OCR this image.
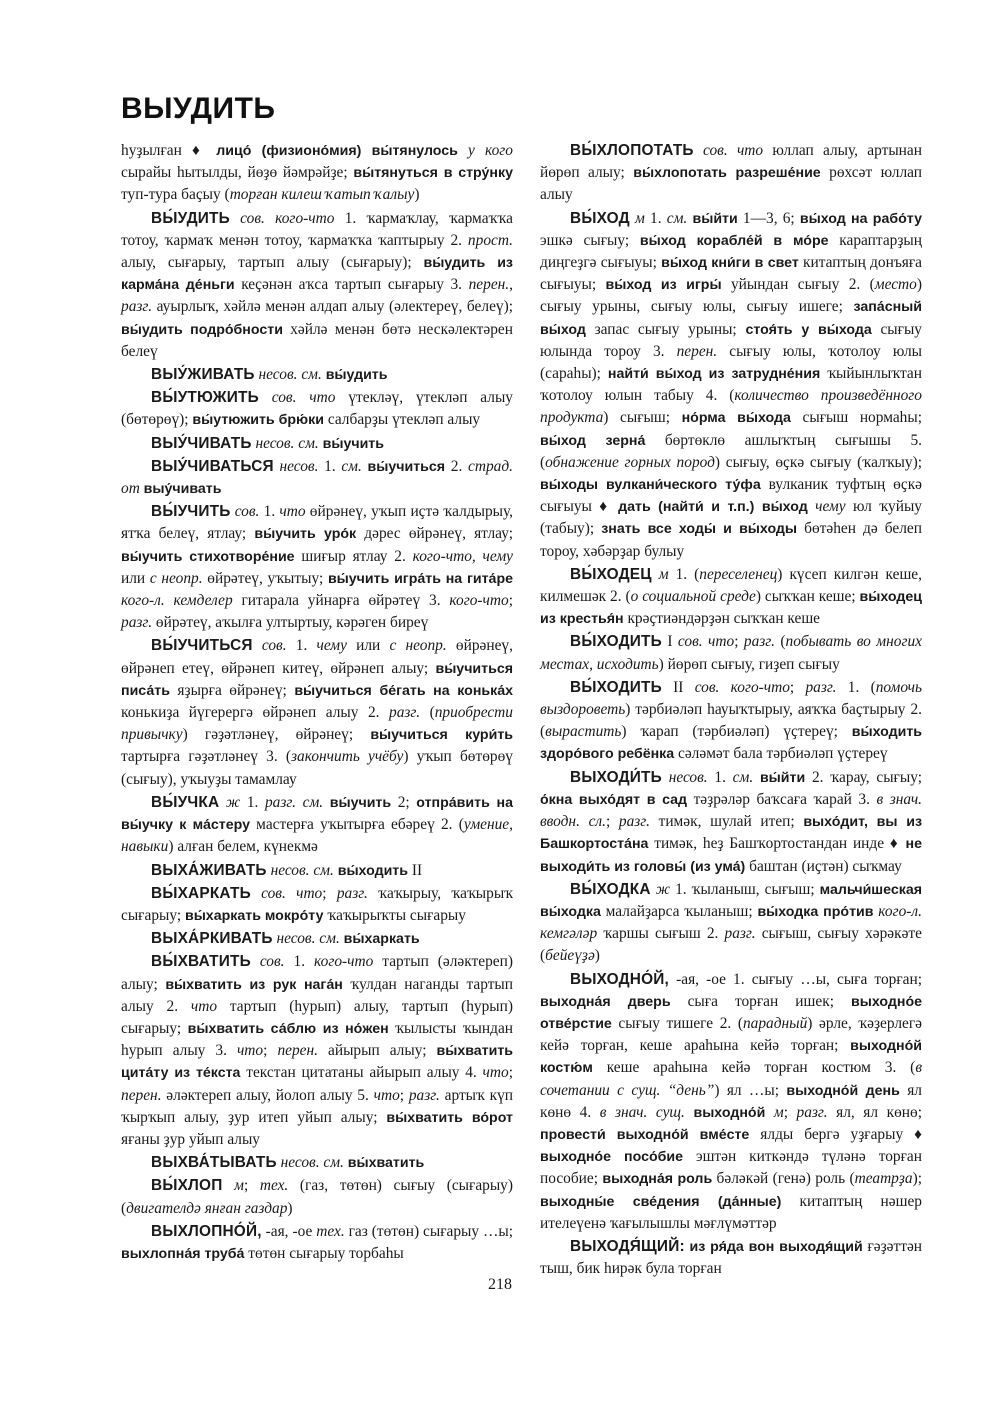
ВЫУДИТЬ

һуҙылған ♦ лицо́ (физионо́мия) вы́тянулось у кого сырайы һытылды, йөҙө йәмрәйҙе; вы́тянуться в стру́нку туп-тура баҫыу (торған килеш ҡатып ҡалыу)

ВЫ́УДИТЬ сов. кого-что 1. ҡармаҡлау, ҡармаҡҡа тотоу, ҡармаҡ менән тотоу, ҡармаҡҡа ҡаптырыу 2. прост. алыу, сығарыу, тартып алыу (сығарыу); вы́удить из карма́на де́ньги кеҫәнән аҡса тартып сығарыу 3. перен., разг. ауырлыҡ, хәйлә менән алдап алыу (әлектереү, белеү); вы́удить подро́бности хәйлә менән бөтә нескәлектәрен белеү

ВЫУ́ЖИВАТЬ несов. см. вы́удить

ВЫ́УТЮЖИТЬ сов. что үтекләү, үтекләп алыу (бөтөрөү); вы́утюжить брю́ки салбарҙы үтекләп алыу

ВЫУ́ЧИВАТЬ несов. см. вы́учить

ВЫУ́ЧИВАТЬСЯ несов. 1. см. вы́учиться 2. страд. от выу́чивать

ВЫ́УЧИТЬ сов. 1. что өйрәнеү, уҡып иҫтә ҡалдырыу, ятҡа белеү, ятлау; вы́учить уро́к дәрес өйрәнеү, ятлау; вы́учить стихотворе́ние шиғыр ятлау 2. кого-что, чему или с неопр. өйрәтеү, уҡытыу; вы́учить игра́ть на гита́ре кого-л. кемделер гитарала уйнарға өйрәтеү 3. кого-что; разг. өйрәтеү, аҡылға ултыртыу, кәрәген биреү

ВЫ́УЧИТЬСЯ сов. 1. чему или с неопр. өйрәнеү, өйрәнеп етеү, өйрәнеп китеү, өйрәнеп алыу; вы́учиться писа́ть яҙырға өйрәнеү; вы́учиться бе́гать на конька́х конькиҙа йүгерергә өйрәнеп алыу 2. разг. (приобрести привычку) гәҙәтләнеү, өйрәнеү; вы́учиться кури́ть тартырға гәҙәтләнеү 3. (закончить учёбу) уҡып бөтөрөү (сығыу), уҡыуҙы тамамлау

ВЫ́УЧКА ж 1. разг. см. вы́учить 2; отпра́вить на вы́учку к ма́стеру мастерға уҡытырға ебәреү 2. (умение, навыки) алған белем, күнекмә

ВЫХА́ЖИВАТЬ несов. см. вы́ходить II

ВЫ́ХАРКАТЬ сов. что; разг. ҡаҡырыу, ҡаҡырыҡ сығарыу; вы́харкать мокро́ту ҡаҡырыҡты сығарыу

ВЫХА́РКИВАТЬ несов. см. вы́харкать

ВЫ́ХВАТИТЬ сов. 1. кого-что тартып (әләктереп) алыу; вы́хватить из рук нага́н ҡулдан наганды тартып алыу 2. что тартып (һурып) алыу, тартып (һурып) сығарыу; вы́хватить са́блю из но́жен ҡылысты ҡындан һурып алыу 3. что; перен. айырып алыу; вы́хватить цита́ту из те́кста текстан цитатаны айырып алыу 4. что; перен. әләктереп алыу, йолоп алыу 5. что; разг. артыҡ күп ҡырҡып алыу, ҙур итеп уйып алыу; вы́хватить во́рот яғаны ҙур уйып алыу

ВЫХВА́ТЫВАТЬ несов. см. вы́хватить

ВЫ́ХЛОП м; тех. (газ, төтөн) сығыу (сығарыу) (двигателдә янған газдар)

ВЫХЛОПНО́Й, -ая, -ое тех. газ (төтөн) сығарыу …ы; выхлопна́я труба́ төтөн сығарыу торбаһы

ВЫ́ХЛОПОТАТЬ сов. что юллап алыу, артынан йөрөп алыу; вы́хлопотать разреше́ние рөхсәт юллап алыу

ВЫ́ХОД м 1. см. вы́йти 1—3, 6; вы́ход на рабо́ту эшкә сығыу; вы́ход корабле́й в мо́ре караптарҙың диңгеҙгә сығыуы; вы́ход кни́ги в свет китаптың донъяға сығыуы; вы́ход из игры́ уйындан сығыу 2. (место) сығыу урыны, сығыу юлы, сығыу ишеге; запа́сный вы́ход запас сығыу урыны; стоя́ть у вы́хода сығыу юлында тороу 3. перен. сығыу юлы, ҡотолоу юлы (сараһы); найти́ вы́ход из затрудне́ния ҡыйынлыҡтан ҡотолоу юлын табыу 4. (количество произведённого продукта) сығыш; но́рма вы́хода сығыш нормаһы; вы́ход зерна́ бөртөклө ашлыҡтың сығышы 5. (обнажение горных пород) сығыу, өҫкә сығыу (ҡалҡыу); вы́ходы вулкани́ческого ту́фа вулканик туфтың өҫкә сығыуы ♦ дать (найти́ и т.п.) вы́ход чему юл ҡуйыу (табыу); знать все ходы́ и вы́ходы бөтәһен дә белеп тороу, хәбәрҙар булыу

ВЫ́ХОДЕЦ м 1. (переселенец) күсеп килгән кеше, килмешәк 2. (о социальной среде) сыҡҡан кеше; вы́ходец из крестья́н крәҫтиәндәрҙән сыҡҡан кеше

ВЫ́ХОДИТЬ I сов. что; разг. (побывать во многих местах, исходить) йөрөп сығыу, гиҙеп сығыу

ВЫ́ХОДИТЬ II сов. кого-что; разг. 1. (помочь выздороветь) тәрбиәләп һауыҡтырыу, аяҡҡа баҫтырыу 2. (вырастить) ҡарап (тәрбиәләп) үҫтереү; вы́ходить здоро́вого ребёнка сәләмәт бала тәрбиәләп үҫтереү

ВЫХОДИ́ТЬ несов. 1. см. вы́йти 2. ҡарау, сығыу; о́кна выхо́дят в сад тәҙрәләр баҡсаға ҡарай 3. в знач. вводн. сл.; разг. тимәк, шулай итеп; выхо́дит, вы из Башкортоста́на тимәк, һеҙ Башҡортостандан инде ♦ не выходи́ть из головы́ (из ума́) баштан (иҫтән) сыҡмау

ВЫ́ХОДКА ж 1. ҡыланыш, сығыш; мальчи́шеская вы́ходка малайҙарса ҡыланыш; вы́ходка про́тив кого-л. кемгәләр ҡаршы сығыш 2. разг. сығыш, сығыу хәрәкәте (бейеүҙә)

ВЫХОДНО́Й, -ая, -ое 1. сығыу …ы, сыға торған; выходна́я дверь сыға торған ишек; выходно́е отве́рстие сығыу тишеге 2. (парадный) әрле, ҡәҙерлегә кейә торған, кеше араһына кейә торған; выходно́й костю́м кеше араһына кейә торған костюм 3. (в сочетании с сущ. “день”) ял …ы; выходно́й день ял көнө 4. в знач. сущ. выходно́й м; разг. ял, ял көнө; провести́ выходно́й вме́сте ялды бергә уҙғарыу ♦ выходно́е посо́бие эштән киткәндә түләнә торған пособие; выходна́я роль бәләкәй (генә) роль (театрҙа); выходны́е све́дения (да́нные) китаптың нәшер ителеүенә ҡағылышлы мәғлүмәттәр

ВЫХОДЯ́ЩИЙ: из ря́да вон выходя́щий ғәҙәттән тыш, бик һирәк була торған

218
